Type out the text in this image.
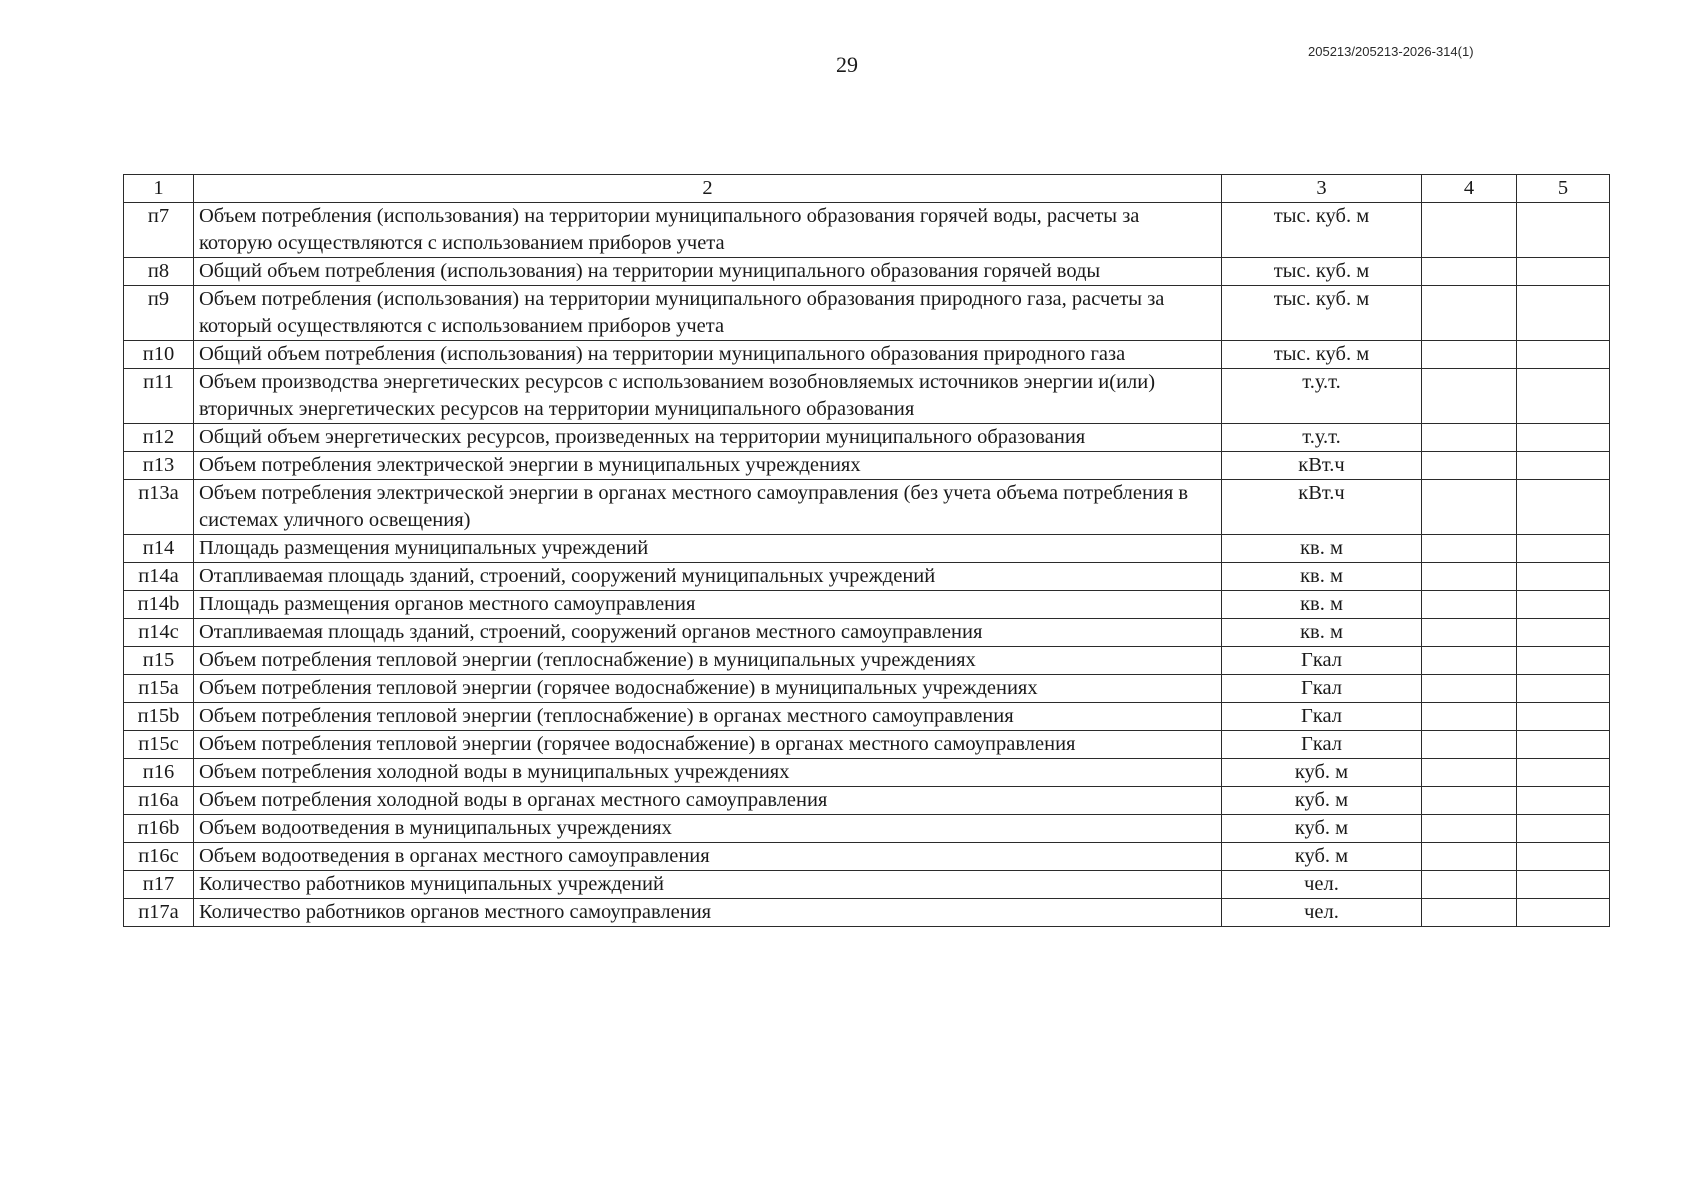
29
205213/205213-2026-314(1)
1	2	3	4	5
п7	Объем потребления (использования) на территории муниципального образования горячей воды, расчеты за которую осуществляются с использованием приборов учета	тыс. куб. м		
п8	Общий объем потребления (использования) на территории муниципального образования горячей воды	тыс. куб. м		
п9	Объем потребления (использования) на территории муниципального образования природного газа, расчеты за который осуществляются с использованием приборов учета	тыс. куб. м		
п10	Общий объем потребления (использования) на территории муниципального образования природного газа	тыс. куб. м		
п11	Объем производства энергетических ресурсов с использованием возобновляемых источников энергии и(или) вторичных энергетических ресурсов на территории муниципального образования	т.у.т.		
п12	Общий объем энергетических ресурсов, произведенных на территории муниципального образования	т.у.т.		
п13	Объем потребления электрической энергии в муниципальных учреждениях	кВт.ч		
п13а	Объем потребления электрической энергии в органах местного самоуправления (без учета объема потребления в системах уличного освещения)	кВт.ч		
п14	Площадь размещения муниципальных учреждений	кв. м		
п14а	Отапливаемая площадь зданий, строений, сооружений муниципальных учреждений	кв. м		
п14b	Площадь размещения органов местного самоуправления	кв. м		
п14c	Отапливаемая площадь зданий, строений, сооружений органов местного самоуправления	кв. м		
п15	Объем потребления тепловой энергии (теплоснабжение) в муниципальных учреждениях	Гкал		
п15а	Объем потребления тепловой энергии (горячее водоснабжение) в муниципальных учреждениях	Гкал		
п15b	Объем потребления тепловой энергии (теплоснабжение) в органах местного самоуправления	Гкал		
п15c	Объем потребления тепловой энергии (горячее водоснабжение) в органах местного самоуправления	Гкал		
п16	Объем потребления холодной воды в муниципальных учреждениях	куб. м		
п16а	Объем потребления холодной воды в органах местного самоуправления	куб. м		
п16b	Объем водоотведения в муниципальных учреждениях	куб. м		
п16c	Объем водоотведения в органах местного самоуправления	куб. м		
п17	Количество работников муниципальных учреждений	чел.		
п17а	Количество работников органов местного самоуправления	чел.		
